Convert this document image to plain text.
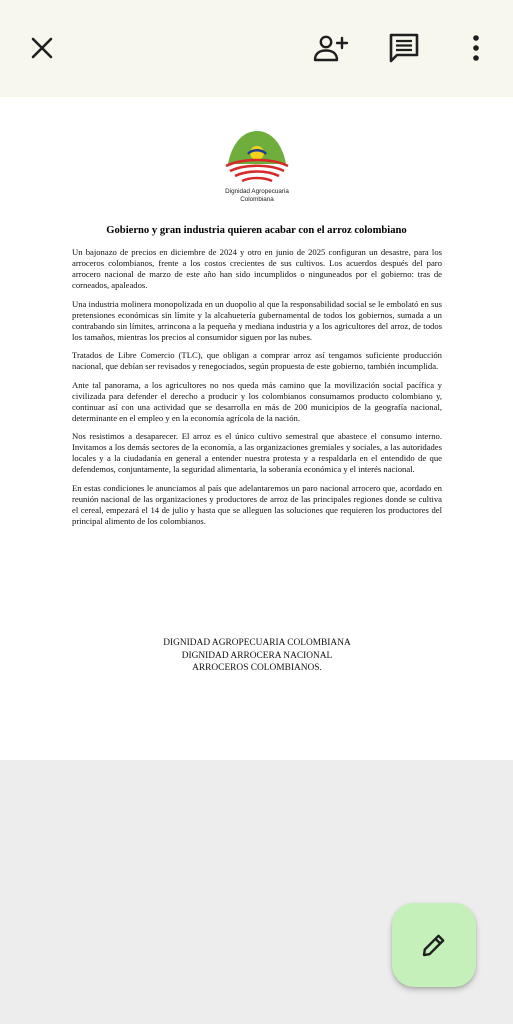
Dignidad Agropecuaria
Colombiana
Gobierno y gran industria quieren acabar con el arroz colombiano

Un bajonazo de precios en diciembre de 2024 y otro en junio de 2025 configuran un desastre, para los arroceros colombianos, frente a los costos crecientes de sus cultivos. Los acuerdos después del paro arrocero nacional de marzo de este año han sido incumplidos o ninguneados por el gobierno: tras de corneados, apaleados.

Una industria molinera monopolizada en un duopolio al que la responsabilidad social se le embolató en sus pretensiones económicas sin límite y la alcahuetería gubernamental de todos los gobiernos, sumada a un contrabando sin límites, arrincona a la pequeña y mediana industria y a los agricultores del arroz, de todos los tamaños, mientras los precios al consumidor siguen por las nubes.

Tratados de Libre Comercio (TLC), que obligan a comprar arroz así tengamos suficiente producción nacional, que debían ser revisados y renegociados, según propuesta de este gobierno, también incumplida.

Ante tal panorama, a los agricultores no nos queda más camino que la movilización social pacífica y civilizada para defender el derecho a producir y los colombianos consumamos producto colombiano y, continuar así con una actividad que se desarrolla en más de 200 municipios de la geografía nacional, determinante en el empleo y en la economía agrícola de la nación.

Nos resistimos a desaparecer. El arroz es el único cultivo semestral que abastece el consumo interno. Invitamos a los demás sectores de la economía, a las organizaciones gremiales y sociales, a las autoridades locales y a la ciudadanía en general a entender nuestra protesta y a respaldarla en el entendido de que defendemos, conjuntamente, la seguridad alimentaria, la soberanía económica y el interés nacional.

En estas condiciones le anunciamos al país que adelantaremos un paro nacional arrocero que, acordado en reunión nacional de las organizaciones y productores de arroz de las principales regiones donde se cultiva el cereal, empezará el 14 de julio y hasta que se alleguen las soluciones que requieren los productores del principal alimento de los colombianos.

DIGNIDAD AGROPECUARIA COLOMBIANA
DIGNIDAD ARROCERA NACIONAL
ARROCEROS COLOMBIANOS.
